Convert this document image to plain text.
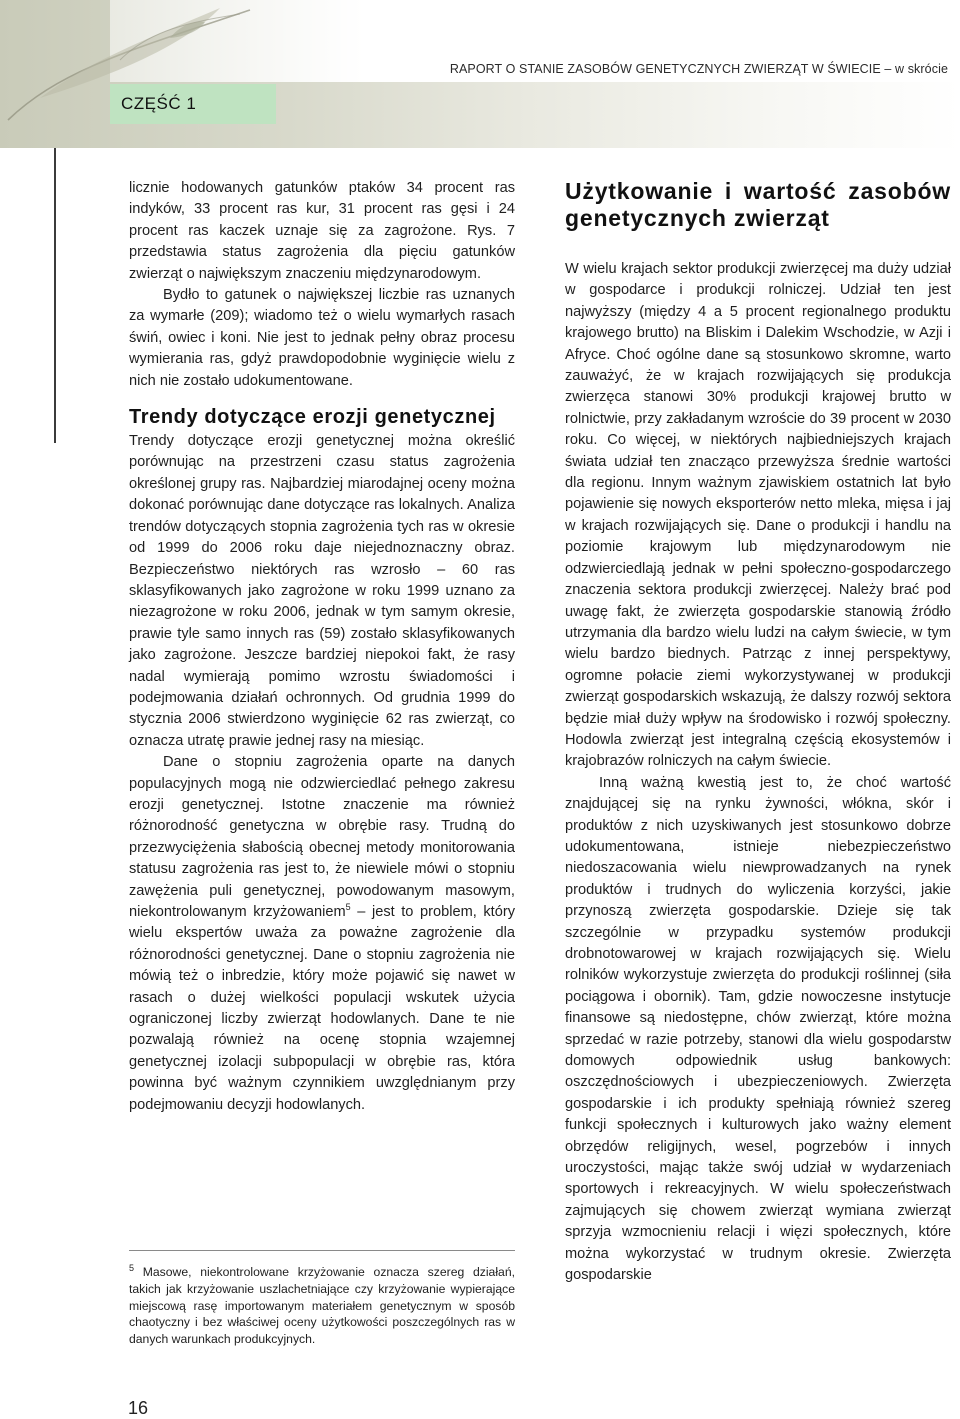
RAPORT O STANIE ZASOBÓW GENETYCZNYCH ZWIERZĄT W ŚWIECIE – w skrócie
CZĘŚĆ 1

licznie hodowanych gatunków ptaków 34 procent ras indyków, 33 procent ras kur, 31 procent ras gęsi i 24 procent ras kaczek uznaje się za zagrożone. Rys. 7 przedstawia status zagrożenia dla pięciu gatunków zwierząt o największym znaczeniu międzynarodowym.

Bydło to gatunek o największej liczbie ras uznanych za wymarłe (209); wiadomo też o wielu wymarłych rasach świń, owiec i koni. Nie jest to jednak pełny obraz procesu wymierania ras, gdyż prawdopodobnie wyginięcie wielu z nich nie zostało udokumentowane.

Trendy dotyczące erozji genetycznej

Trendy dotyczące erozji genetycznej można określić porównując na przestrzeni czasu status zagrożenia określonej grupy ras. Najbardziej miarodajnej oceny można dokonać porównując dane dotyczące ras lokalnych. Analiza trendów dotyczących stopnia zagrożenia tych ras w okresie od 1999 do 2006 roku daje niejednoznaczny obraz. Bezpieczeństwo niektórych ras wzrosło – 60 ras sklasyfikowanych jako zagrożone w roku 1999 uznano za niezagrożone w roku 2006, jednak w tym samym okresie, prawie tyle samo innych ras (59) zostało sklasyfikowanych jako zagrożone. Jeszcze bardziej niepokoi fakt, że rasy nadal wymierają pomimo wzrostu świadomości i podejmowania działań ochronnych. Od grudnia 1999 do stycznia 2006 stwierdzono wyginięcie 62 ras zwierząt, co oznacza utratę prawie jednej rasy na miesiąc.

Dane o stopniu zagrożenia oparte na danych populacyjnych mogą nie odzwierciedlać pełnego zakresu erozji genetycznej. Istotne znaczenie ma również różnorodność genetyczna w obrębie rasy. Trudną do przezwyciężenia słabością obecnej metody monitorowania statusu zagrożenia ras jest to, że niewiele mówi o stopniu zawężenia puli genetycznej, powodowanym masowym, niekontrolowanym krzyżowaniem$^5$ – jest to problem, który wielu ekspertów uważa za poważne zagrożenie dla różnorodności genetycznej. Dane o stopniu zagrożenia nie mówią też o inbredzie, który może pojawić się nawet w rasach o dużej wielkości populacji wskutek użycia ograniczonej liczby zwierząt hodowlanych. Dane te nie pozwalają również na ocenę stopnia wzajemnej genetycznej izolacji subpopulacji w obrębie ras, która powinna być ważnym czynnikiem uwzględnianym przy podejmowaniu decyzji hodowlanych.

$^5$ Masowe, niekontrolowane krzyżowanie oznacza szereg działań, takich jak krzyżowanie uszlachetniające czy krzyżowanie wypierające miejscową rasę importowanym materiałem genetycznym w sposób chaotyczny i bez właściwej oceny użytkowości poszczególnych ras w danych warunkach produkcyjnych.

Użytkowanie i wartość zasobów genetycznych zwierząt

W wielu krajach sektor produkcji zwierzęcej ma duży udział w gospodarce i produkcji rolniczej. Udział ten jest najwyższy (między 4 a 5 procent regionalnego produktu krajowego brutto) na Bliskim i Dalekim Wschodzie, w Azji i Afryce. Choć ogólne dane są stosunkowo skromne, warto zauważyć, że w krajach rozwijających się produkcja zwierzęca stanowi 30% produkcji krajowej brutto w rolnictwie, przy zakładanym wzroście do 39 procent w 2030 roku. Co więcej, w niektórych najbiedniejszych krajach świata udział ten znacząco przewyższa średnie wartości dla regionu. Innym ważnym zjawiskiem ostatnich lat było pojawienie się nowych eksporterów netto mleka, mięsa i jaj w krajach rozwijających się. Dane o produkcji i handlu na poziomie krajowym lub międzynarodowym nie odzwierciedlają jednak w pełni społeczno-gospodarczego znaczenia sektora produkcji zwierzęcej. Należy brać pod uwagę fakt, że zwierzęta gospodarskie stanowią źródło utrzymania dla bardzo wielu ludzi na całym świecie, w tym wielu bardzo biednych. Patrząc z innej perspektywy, ogromne połacie ziemi wykorzystywanej w produkcji zwierząt gospodarskich wskazują, że dalszy rozwój sektora będzie miał duży wpływ na środowisko i rozwój społeczny. Hodowla zwierząt jest integralną częścią ekosystemów i krajobrazów rolniczych na całym świecie.

Inną ważną kwestią jest to, że choć wartość znajdującej się na rynku żywności, włókna, skór i produktów z nich uzyskiwanych jest stosunkowo dobrze udokumentowana, istnieje niebezpieczeństwo niedoszacowania wielu niewprowadzanych na rynek produktów i trudnych do wyliczenia korzyści, jakie przynoszą zwierzęta gospodarskie. Dzieje się tak szczególnie w przypadku systemów produkcji drobnotowarowej w krajach rozwijających się. Wielu rolników wykorzystuje zwierzęta do produkcji roślinnej (siła pociągowa i obornik). Tam, gdzie nowoczesne instytucje finansowe są niedostępne, chów zwierząt, które można sprzedać w razie potrzeby, stanowi dla wielu gospodarstw domowych odpowiednik usług bankowych: oszczędnościowych i ubezpieczeniowych. Zwierzęta gospodarskie i ich produkty spełniają również szereg funkcji społecznych i kulturowych jako ważny element obrzędów religijnych, wesel, pogrzebów i innych uroczystości, mając także swój udział w wydarzeniach sportowych i rekreacyjnych. W wielu społeczeństwach zajmujących się chowem zwierząt wymiana zwierząt sprzyja wzmocnieniu relacji i więzi społecznych, które można wykorzystać w trudnym okresie. Zwierzęta gospodarskie

16
